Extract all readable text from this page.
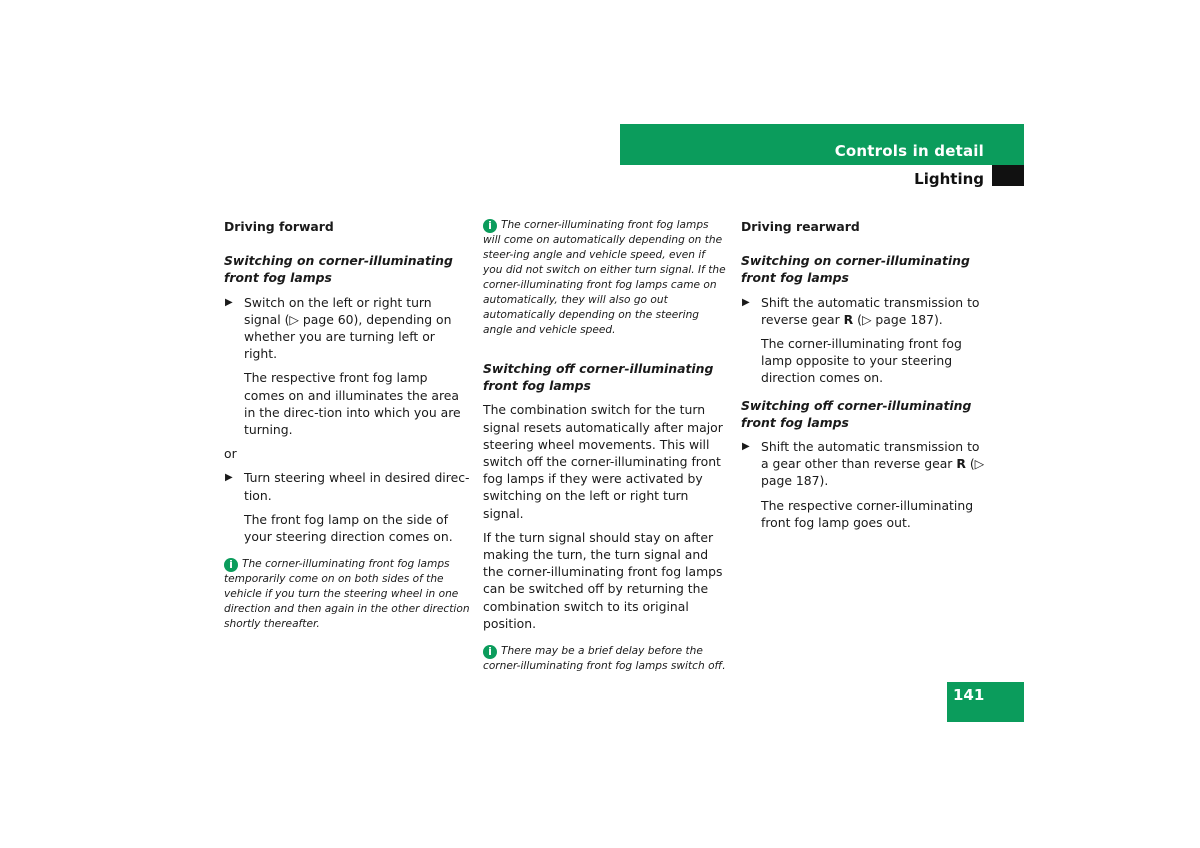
Controls in detail
Lighting
Driving forward
Switching on corner-illuminating front fog lamps
▶ Switch on the left or right turn signal (▷ page 60), depending on whether you are turning left or right.
The respective front fog lamp comes on and illuminates the area in the direc-tion into which you are turning.

or

▶ Turn steering wheel in desired direc-tion.
The front fog lamp on the side of your steering direction comes on.
i The corner-illuminating front fog lamps temporarily come on on both sides of the vehicle if you turn the steering wheel in one direction and then again in the other direction shortly thereafter.
i The corner-illuminating front fog lamps will come on automatically depending on the steer-ing angle and vehicle speed, even if you did not switch on either turn signal. If the corner-illuminating front fog lamps came on automatically, they will also go out automatically depending on the steering angle and vehicle speed.
Switching off corner-illuminating front fog lamps

The combination switch for the turn signal resets automatically after major steering wheel movements. This will switch off the corner-illuminating front fog lamps if they were activated by switching on the left or right turn signal.

If the turn signal should stay on after making the turn, the turn signal and the corner-illuminating front fog lamps can be switched off by returning the combination switch to its original position.

i There may be a brief delay before the corner-illuminating front fog lamps switch off.
Driving rearward
Switching on corner-illuminating front fog lamps
▶ Shift the automatic transmission to reverse gear R (▷ page 187).
The corner-illuminating front fog lamp opposite to your steering direction comes on.
Switching off corner-illuminating front fog lamps
▶ Shift the automatic transmission to a gear other than reverse gear R (▷ page 187).
The respective corner-illuminating front fog lamp goes out.
141
